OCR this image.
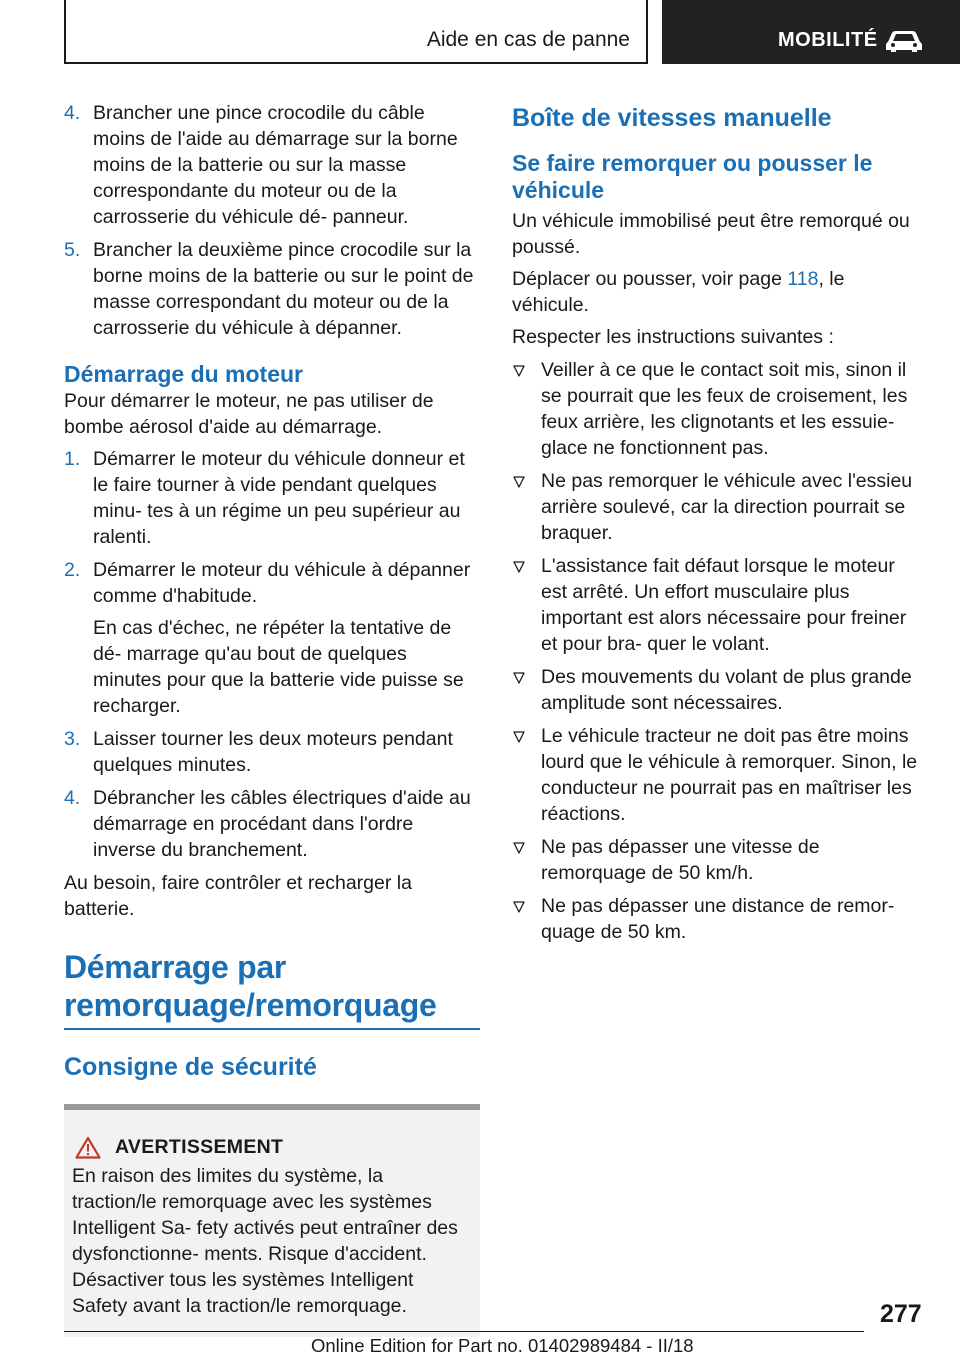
Aide en cas de panne	MOBILITÉ
4. Brancher une pince crocodile du câble moins de l'aide au démarrage sur la borne moins de la batterie ou sur la masse correspondante du moteur ou de la carrosserie du véhicule dé- panneur.

5. Brancher la deuxième pince crocodile sur la borne moins de la batterie ou sur le point de masse correspondant du moteur ou de la carrosserie du véhicule à dépanner.

Démarrage du moteur

Pour démarrer le moteur, ne pas utiliser de bombe aérosol d'aide au démarrage.

1. Démarrer le moteur du véhicule donneur et le faire tourner à vide pendant quelques minu- tes à un régime un peu supérieur au ralenti.

2. Démarrer le moteur du véhicule à dépanner comme d'habitude.

En cas d'échec, ne répéter la tentative de dé- marrage qu'au bout de quelques minutes pour que la batterie vide puisse se recharger.

3. Laisser tourner les deux moteurs pendant quelques minutes.

4. Débrancher les câbles électriques d'aide au démarrage en procédant dans l'ordre inverse du branchement.

Au besoin, faire contrôler et recharger la batterie.

Démarrage par
remorquage/remorquage
Consigne de sécurité
AVERTISSEMENT

En raison des limites du système, la traction/le remorquage avec les systèmes Intelligent Sa- fety activés peut entraîner des dysfonctionne- ments. Risque d'accident. Désactiver tous les systèmes Intelligent Safety avant la traction/le remorquage.

Boîte de vitesses manuelle
Se faire remorquer ou pousser le véhicule

Un véhicule immobilisé peut être remorqué ou poussé.

Déplacer ou pousser, voir page 118, le véhicule.

Respecter les instructions suivantes :

Veiller à ce que le contact soit mis, sinon il se pourrait que les feux de croisement, les feux arrière, les clignotants et les essuie-glace ne fonctionnent pas.

Ne pas remorquer le véhicule avec l'essieu arrière soulevé, car la direction pourrait se braquer.

L'assistance fait défaut lorsque le moteur est arrêté. Un effort musculaire plus important est alors nécessaire pour freiner et pour bra- quer le volant.

Des mouvements du volant de plus grande amplitude sont nécessaires.

Le véhicule tracteur ne doit pas être moins lourd que le véhicule à remorquer. Sinon, le conducteur ne pourrait pas en maîtriser les réactions.

Ne pas dépasser une vitesse de remorquage de 50 km/h.

Ne pas dépasser une distance de remor- quage de 50 km.

277
Online Edition for Part no. 01402989484 - II/18
